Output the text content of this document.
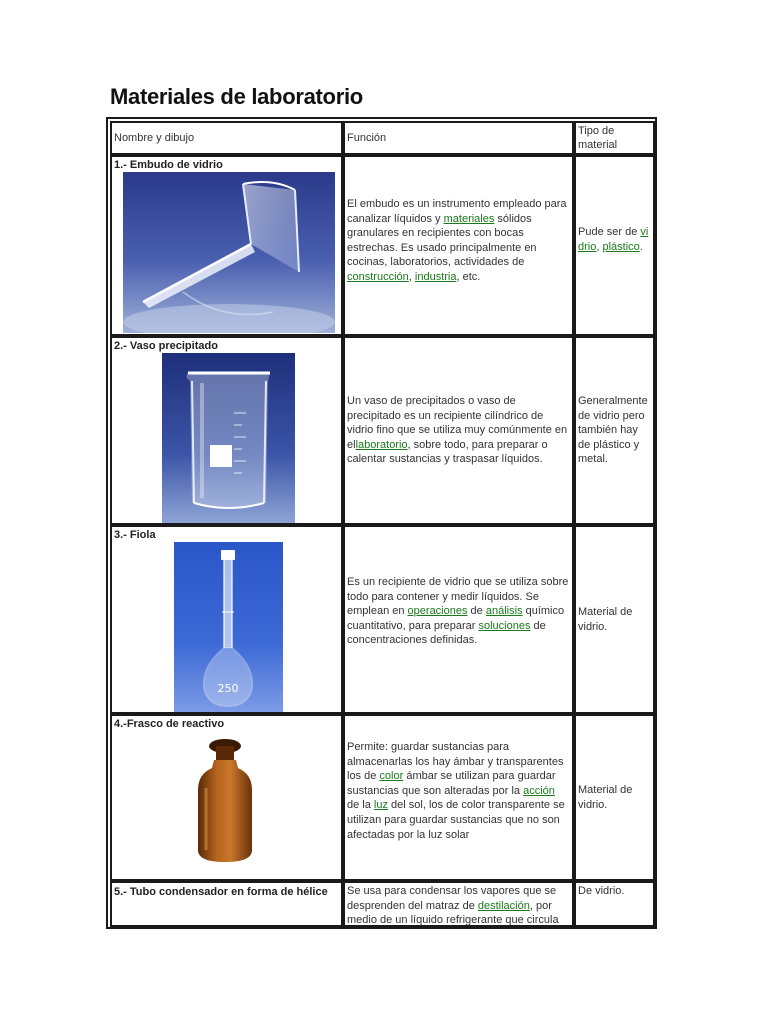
Materiales de laboratorio
Nombre y dibujo	Función
Tipo de material
1.- Embudo de vidrio
El embudo es un instrumento empleado para
canalizar líquidos y materiales sólidos granulares en recipientes con bocas estrechas. Es usado principalmente en cocinas, laboratorios, actividades de construcción, industria, etc.
Pude ser de vidrio, plástico.
2.- Vaso precipitado
Un vaso de precipitados o vaso de precipitado es un recipiente cilíndrico de vidrio fino que se utiliza muy comúnmente en ellaboratorio, sobre todo, para preparar o calentar sustancias y traspasar líquidos.
Generalmente de vidrio pero también hay de plástico y metal.
3.- Fiola
250
Es un recipiente de vidrio que se utiliza sobre todo para contener y medir líquidos. Se emplean en operaciones de análisis químico cuantitativo, para preparar soluciones de concentraciones definidas.
Material de vidrio.
4.-Frasco de reactivo
Permite: guardar sustancias para almacenarlas los hay ámbar y transparentes los de color ámbar se utilizan para guardar sustancias que son alteradas por la acción de la luz del sol, los de color transparente se utilizan para guardar sustancias que no son afectadas por la luz solar
Material de vidrio.
5.- Tubo condensador en forma de hélice Se usa para condensar los vapores que se desprenden del matraz de destilación, por medio de un líquido refrigerante que circula
De vidrio.
